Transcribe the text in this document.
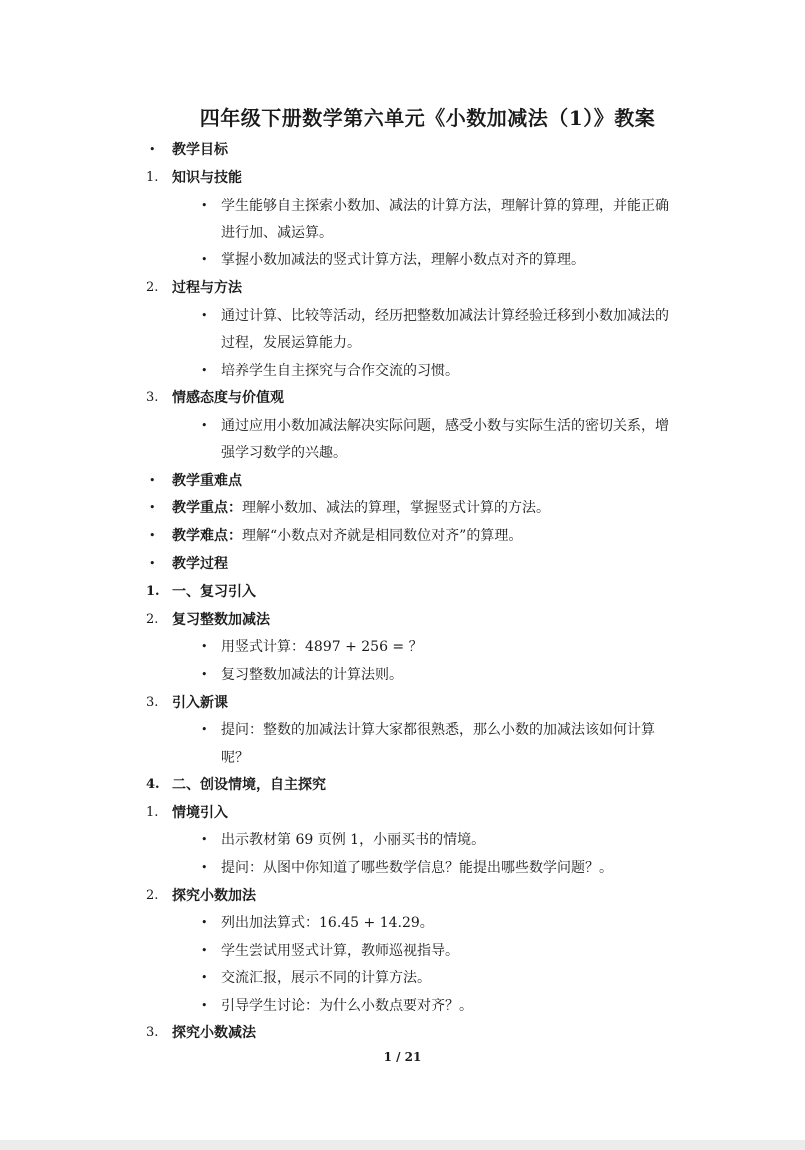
四年级下册数学第六单元《小数加减法（1）》教案
• 教学目标
1. 知识与技能
• 学生能够自主探索小数加、减法的计算方法，理解计算的算理，并能正确
进行加、减运算。
• 掌握小数加减法的竖式计算方法，理解小数点对齐的算理。
2. 过程与方法
• 通过计算、比较等活动，经历把整数加减法计算经验迁移到小数加减法的
过程，发展运算能力。
• 培养学生自主探究与合作交流的习惯。
3. 情感态度与价值观
• 通过应用小数加减法解决实际问题，感受小数与实际生活的密切关系，增
强学习数学的兴趣。
• 教学重难点
• 教学重点：理解小数加、减法的算理，掌握竖式计算的方法。
• 教学难点：理解“小数点对齐就是相同数位对齐”的算理。
• 教学过程
1. 一、复习引入
2. 复习整数加减法
• 用竖式计算：4897 + 256 = ？
• 复习整数加减法的计算法则。
3. 引入新课
• 提问：整数的加减法计算大家都很熟悉，那么小数的加减法该如何计算
呢？
4. 二、创设情境，自主探究
1. 情境引入
• 出示教材第 69 页例 1，小丽买书的情境。
• 提问：从图中你知道了哪些数学信息？能提出哪些数学问题？。
2. 探究小数加法
• 列出加法算式：16.45 + 14.29。
• 学生尝试用竖式计算，教师巡视指导。
• 交流汇报，展示不同的计算方法。
• 引导学生讨论：为什么小数点要对齐？。
3. 探究小数减法
1 / 21
